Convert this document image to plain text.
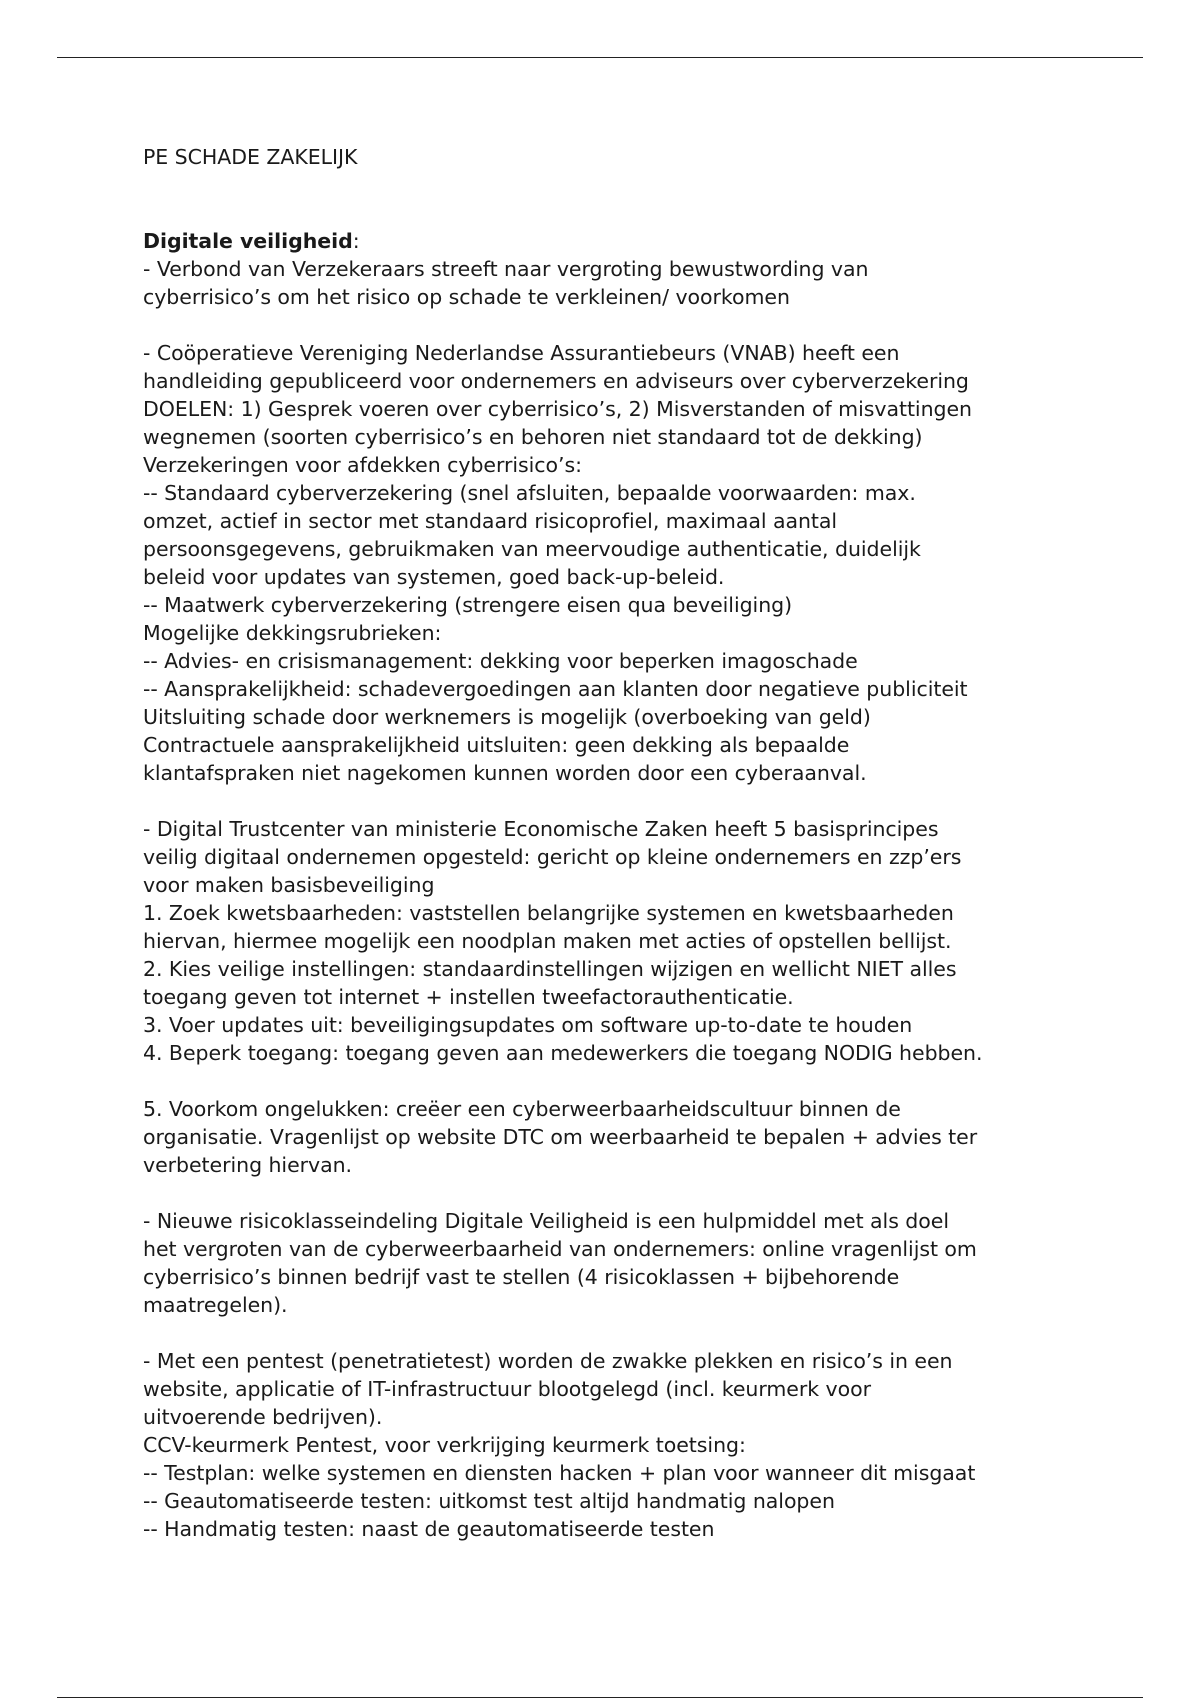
PE SCHADE ZAKELIJK

Digitale veiligheid:

- Verbond van Verzekeraars streeft naar vergroting bewustwording van

cyberrisico’s om het risico op schade te verkleinen/ voorkomen

- Coöperatieve Vereniging Nederlandse Assurantiebeurs (VNAB) heeft een

handleiding gepubliceerd voor ondernemers en adviseurs over cyberverzekering

DOELEN: 1) Gesprek voeren over cyberrisico’s, 2) Misverstanden of misvattingen

wegnemen (soorten cyberrisico’s en behoren niet standaard tot de dekking)

Verzekeringen voor afdekken cyberrisico’s:

-- Standaard cyberverzekering (snel afsluiten, bepaalde voorwaarden: max.

omzet, actief in sector met standaard risicoprofiel, maximaal aantal

persoonsgegevens, gebruikmaken van meervoudige authenticatie, duidelijk

beleid voor updates van systemen, goed back-up-beleid.

-- Maatwerk cyberverzekering (strengere eisen qua beveiliging)

Mogelijke dekkingsrubrieken:

-- Advies- en crisismanagement: dekking voor beperken imagoschade

-- Aansprakelijkheid: schadevergoedingen aan klanten door negatieve publiciteit

Uitsluiting schade door werknemers is mogelijk (overboeking van geld)

Contractuele aansprakelijkheid uitsluiten: geen dekking als bepaalde

klantafspraken niet nagekomen kunnen worden door een cyberaanval.

- Digital Trustcenter van ministerie Economische Zaken heeft 5 basisprincipes

veilig digitaal ondernemen opgesteld: gericht op kleine ondernemers en zzp’ers

voor maken basisbeveiliging

1. Zoek kwetsbaarheden: vaststellen belangrijke systemen en kwetsbaarheden

hiervan, hiermee mogelijk een noodplan maken met acties of opstellen bellijst.

2. Kies veilige instellingen: standaardinstellingen wijzigen en wellicht NIET alles

toegang geven tot internet + instellen tweefactorauthenticatie.

3. Voer updates uit: beveiligingsupdates om software up-to-date te houden

4. Beperk toegang: toegang geven aan medewerkers die toegang NODIG hebben.

5. Voorkom ongelukken: creëer een cyberweerbaarheidscultuur binnen de

organisatie. Vragenlijst op website DTC om weerbaarheid te bepalen + advies ter

verbetering hiervan.

- Nieuwe risicoklasseindeling Digitale Veiligheid is een hulpmiddel met als doel

het vergroten van de cyberweerbaarheid van ondernemers: online vragenlijst om

cyberrisico’s binnen bedrijf vast te stellen (4 risicoklassen + bijbehorende

maatregelen).

- Met een pentest (penetratietest) worden de zwakke plekken en risico’s in een

website, applicatie of IT-infrastructuur blootgelegd (incl. keurmerk voor

uitvoerende bedrijven).

CCV-keurmerk Pentest, voor verkrijging keurmerk toetsing:

-- Testplan: welke systemen en diensten hacken + plan voor wanneer dit misgaat

-- Geautomatiseerde testen: uitkomst test altijd handmatig nalopen

-- Handmatig testen: naast de geautomatiseerde testen
